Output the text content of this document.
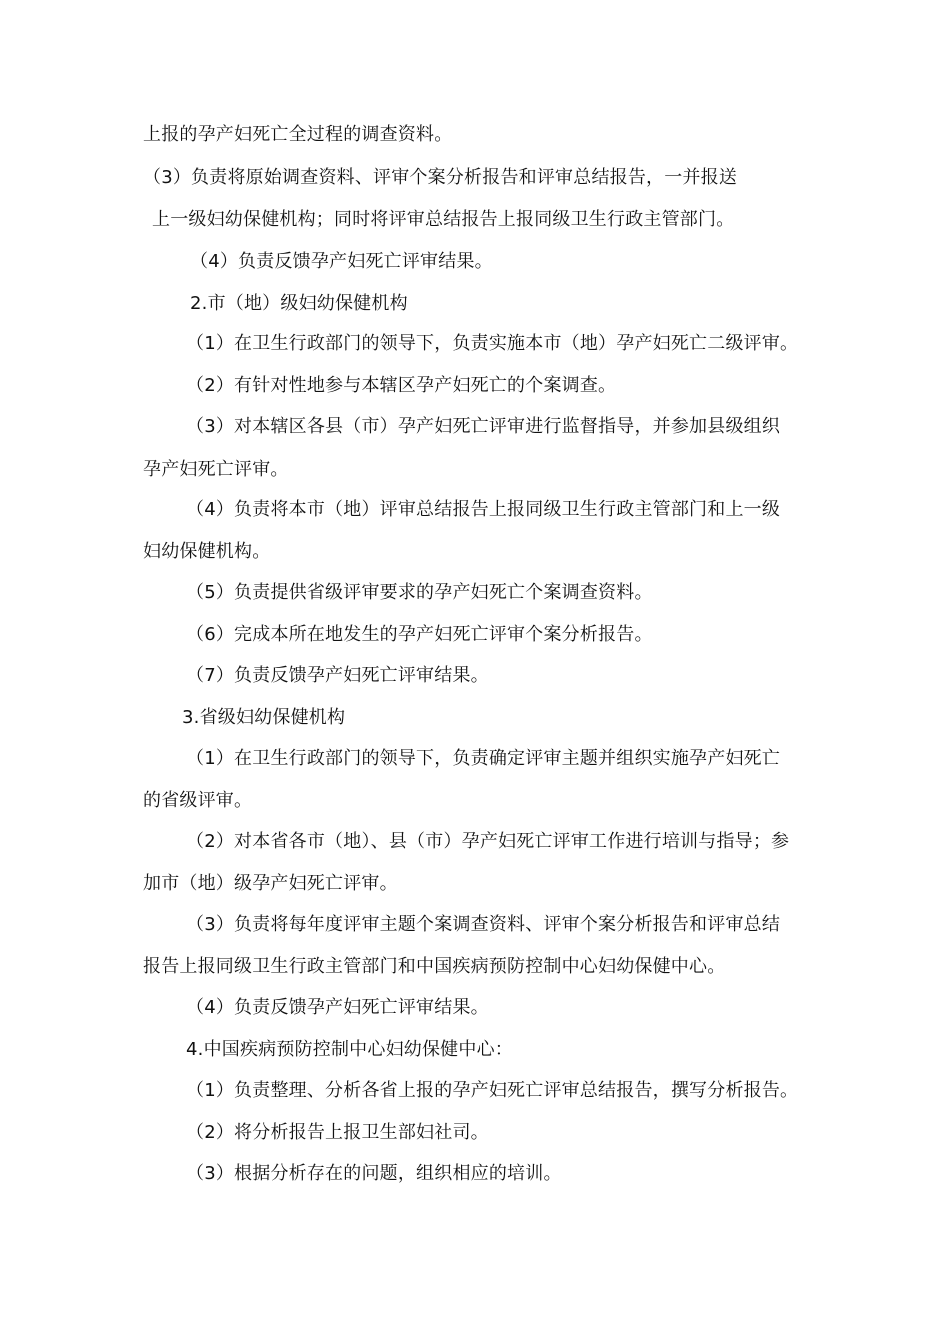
上报的孕产妇死亡全过程的调查资料。
（3）负责将原始调查资料、评审个案分析报告和评审总结报告，一并报送
上一级妇幼保健机构；同时将评审总结报告上报同级卫生行政主管部门。
（4）负责反馈孕产妇死亡评审结果。
2.市（地）级妇幼保健机构
（1）在卫生行政部门的领导下，负责实施本市（地）孕产妇死亡二级评审。
（2）有针对性地参与本辖区孕产妇死亡的个案调查。
（3）对本辖区各县（市）孕产妇死亡评审进行监督指导，并参加县级组织
孕产妇死亡评审。
（4）负责将本市（地）评审总结报告上报同级卫生行政主管部门和上一级
妇幼保健机构。
（5）负责提供省级评审要求的孕产妇死亡个案调查资料。
（6）完成本所在地发生的孕产妇死亡评审个案分析报告。
（7）负责反馈孕产妇死亡评审结果。
3.省级妇幼保健机构
（1）在卫生行政部门的领导下，负责确定评审主题并组织实施孕产妇死亡
的省级评审。
（2）对本省各市（地）、县（市）孕产妇死亡评审工作进行培训与指导；参
加市（地）级孕产妇死亡评审。
（3）负责将每年度评审主题个案调查资料、评审个案分析报告和评审总结
报告上报同级卫生行政主管部门和中国疾病预防控制中心妇幼保健中心。
（4）负责反馈孕产妇死亡评审结果。
4.中国疾病预防控制中心妇幼保健中心：
（1）负责整理、分析各省上报的孕产妇死亡评审总结报告，撰写分析报告。
（2）将分析报告上报卫生部妇社司。
（3）根据分析存在的问题，组织相应的培训。
